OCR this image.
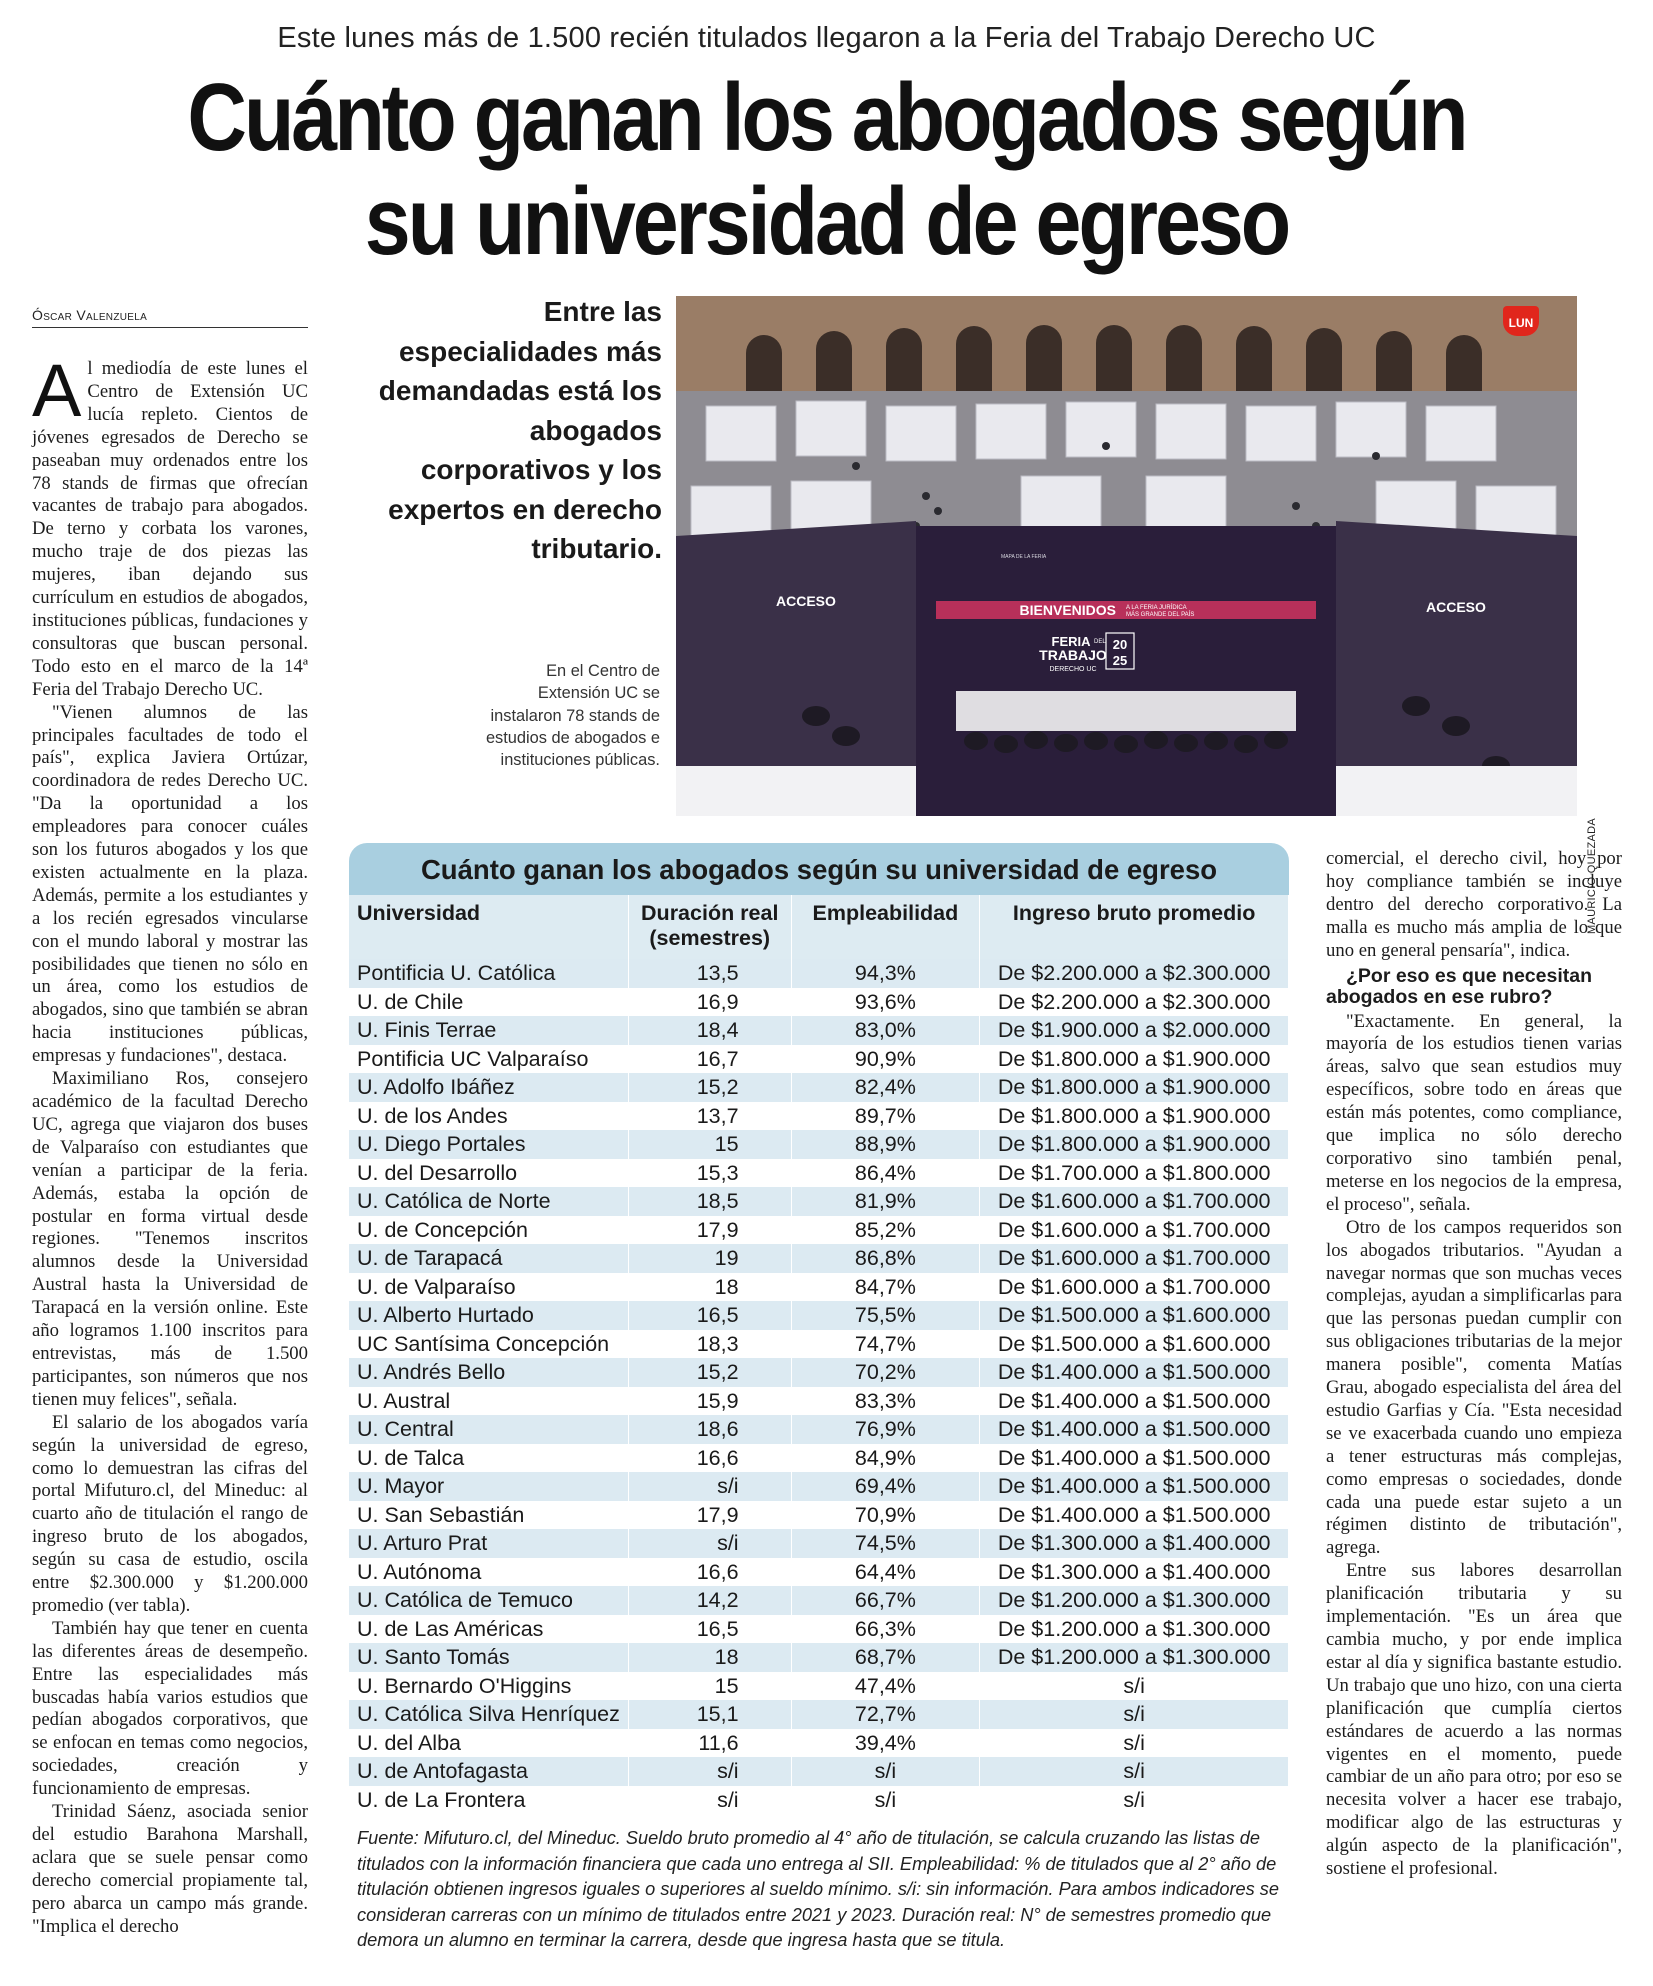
Este lunes más de 1.500 recién titulados llegaron a la Feria del Trabajo Derecho UC
Cuánto ganan los abogados según
su universidad de egreso
Óscar Valenzuela

Al mediodía de este lunes el Centro de Extensión UC lucía repleto. Cientos de jóvenes egresados de Derecho se paseaban muy ordenados entre los 78 stands de firmas que ofrecían vacantes de trabajo para abogados. De terno y corbata los varones, mucho traje de dos piezas las mujeres, iban dejando sus currículum en estudios de abogados, instituciones públicas, fundaciones y consultoras que buscan personal. Todo esto en el marco de la 14ª Feria del Trabajo Derecho UC.

"Vienen alumnos de las principales facultades de todo el país", explica Javiera Ortúzar, coordinadora de redes Derecho UC. "Da la oportunidad a los empleadores para conocer cuáles son los futuros abogados y los que existen actualmente en la plaza. Además, permite a los estudiantes y a los recién egresados vincularse con el mundo laboral y mostrar las posibilidades que tienen no sólo en un área, como los estudios de abogados, sino que también se abran hacia instituciones públicas, empresas y fundaciones", destaca.

Maximiliano Ros, consejero académico de la facultad Derecho UC, agrega que viajaron dos buses de Valparaíso con estudiantes que venían a participar de la feria. Además, estaba la opción de postular en forma virtual desde regiones. "Tenemos inscritos alumnos desde la Universidad Austral hasta la Universidad de Tarapacá en la versión online. Este año logramos 1.100 inscritos para entrevistas, más de 1.500 participantes, son números que nos tienen muy felices", señala.

El salario de los abogados varía según la universidad de egreso, como lo demuestran las cifras del portal Mifuturo.cl, del Mineduc: al cuarto año de titulación el rango de ingreso bruto de los abogados, según su casa de estudio, oscila entre $2.300.000 y $1.200.000 promedio (ver tabla).

También hay que tener en cuenta las diferentes áreas de desempeño. Entre las especialidades más buscadas había varios estudios que pedían abogados corporativos, que se enfocan en temas como negocios, sociedades, creación y funcionamiento de empresas.

Trinidad Sáenz, asociada senior del estudio Barahona Marshall, aclara que se suele pensar como derecho comercial propiamente tal, pero abarca un campo más grande. "Implica el derecho

Entre las especialidades más demandadas está los abogados corporativos y los expertos en derecho tributario.
BIENVENIDOS A LA FERIA JURÍDICA
MÁS GRANDE DEL PAÍS
ACCESO	ACCESO
MAPA DE LA FERIA
FERIA DEL
TRABAJO
DERECHO UC
20
25
LUN
En el Centro de Extensión UC se instalaron 78 stands de estudios de abogados e instituciones públicas.
MAURICIO QUEZADA
Cuánto ganan los abogados según su universidad de egreso
Universidad	Duración real (semestres)	Empleabilidad	Ingreso bruto promedio
Pontificia U. Católica	13,5	94,3%	De $2.200.000 a $2.300.000
U. de Chile	16,9	93,6%	De $2.200.000 a $2.300.000
U. Finis Terrae	18,4	83,0%	De $1.900.000 a $2.000.000
Pontificia UC Valparaíso	16,7	90,9%	De $1.800.000 a $1.900.000
U. Adolfo Ibáñez	15,2	82,4%	De $1.800.000 a $1.900.000
U. de los Andes	13,7	89,7%	De $1.800.000 a $1.900.000
U. Diego Portales	15	88,9%	De $1.800.000 a $1.900.000
U. del Desarrollo	15,3	86,4%	De $1.700.000 a $1.800.000
U. Católica de Norte	18,5	81,9%	De $1.600.000 a $1.700.000
U. de Concepción	17,9	85,2%	De $1.600.000 a $1.700.000
U. de Tarapacá	19	86,8%	De $1.600.000 a $1.700.000
U. de Valparaíso	18	84,7%	De $1.600.000 a $1.700.000
U. Alberto Hurtado	16,5	75,5%	De $1.500.000 a $1.600.000
UC Santísima Concepción	18,3	74,7%	De $1.500.000 a $1.600.000
U. Andrés Bello	15,2	70,2%	De $1.400.000 a $1.500.000
U. Austral	15,9	83,3%	De $1.400.000 a $1.500.000
U. Central	18,6	76,9%	De $1.400.000 a $1.500.000
U. de Talca	16,6	84,9%	De $1.400.000 a $1.500.000
U. Mayor	s/i	69,4%	De $1.400.000 a $1.500.000
U. San Sebastián	17,9	70,9%	De $1.400.000 a $1.500.000
U. Arturo Prat	s/i	74,5%	De $1.300.000 a $1.400.000
U. Autónoma	16,6	64,4%	De $1.300.000 a $1.400.000
U. Católica de Temuco	14,2	66,7%	De $1.200.000 a $1.300.000
U. de Las Américas	16,5	66,3%	De $1.200.000 a $1.300.000
U. Santo Tomás	18	68,7%	De $1.200.000 a $1.300.000
U. Bernardo O'Higgins	15	47,4%	s/i
U. Católica Silva Henríquez	15,1	72,7%	s/i
U. del Alba	11,6	39,4%	s/i
U. de Antofagasta	s/i	s/i	s/i
U. de La Frontera	s/i	s/i	s/i
Fuente: Mifuturo.cl, del Mineduc. Sueldo bruto promedio al 4° año de titulación, se calcula cruzando las listas de titulados con la información financiera que cada uno entrega al SII. Empleabilidad: % de titulados que al 2° año de titulación obtienen ingresos iguales o superiores al sueldo mínimo. s/i: sin información. Para ambos indicadores se consideran carreras con un mínimo de titulados entre 2021 y 2023. Duración real: N° de semestres promedio que demora un alumno en terminar la carrera, desde que ingresa hasta que se titula.

comercial, el derecho civil, hoy por hoy compliance también se incluye dentro del derecho corporativo. La malla es mucho más amplia de lo que uno en general pensaría", indica.

¿Por eso es que necesitan abogados en ese rubro?

"Exactamente. En general, la mayoría de los estudios tienen varias áreas, salvo que sean estudios muy específicos, sobre todo en áreas que están más potentes, como compliance, que implica no sólo derecho corporativo sino también penal, meterse en los negocios de la empresa, el proceso", señala.

Otro de los campos requeridos son los abogados tributarios. "Ayudan a navegar normas que son muchas veces complejas, ayudan a simplificarlas para que las personas puedan cumplir con sus obligaciones tributarias de la mejor manera posible", comenta Matías Grau, abogado especialista del área del estudio Garfias y Cía. "Esta necesidad se ve exacerbada cuando uno empieza a tener estructuras más complejas, como empresas o sociedades, donde cada una puede estar sujeto a un régimen distinto de tributación", agrega.

Entre sus labores desarrollan planificación tributaria y su implementación. "Es un área que cambia mucho, y por ende implica estar al día y significa bastante estudio. Un trabajo que uno hizo, con una cierta planificación que cumplía ciertos estándares de acuerdo a las normas vigentes en el momento, puede cambiar de un año para otro; por eso se necesita volver a hacer ese trabajo, modificar algo de las estructuras y algún aspecto de la planificación", sostiene el profesional.
